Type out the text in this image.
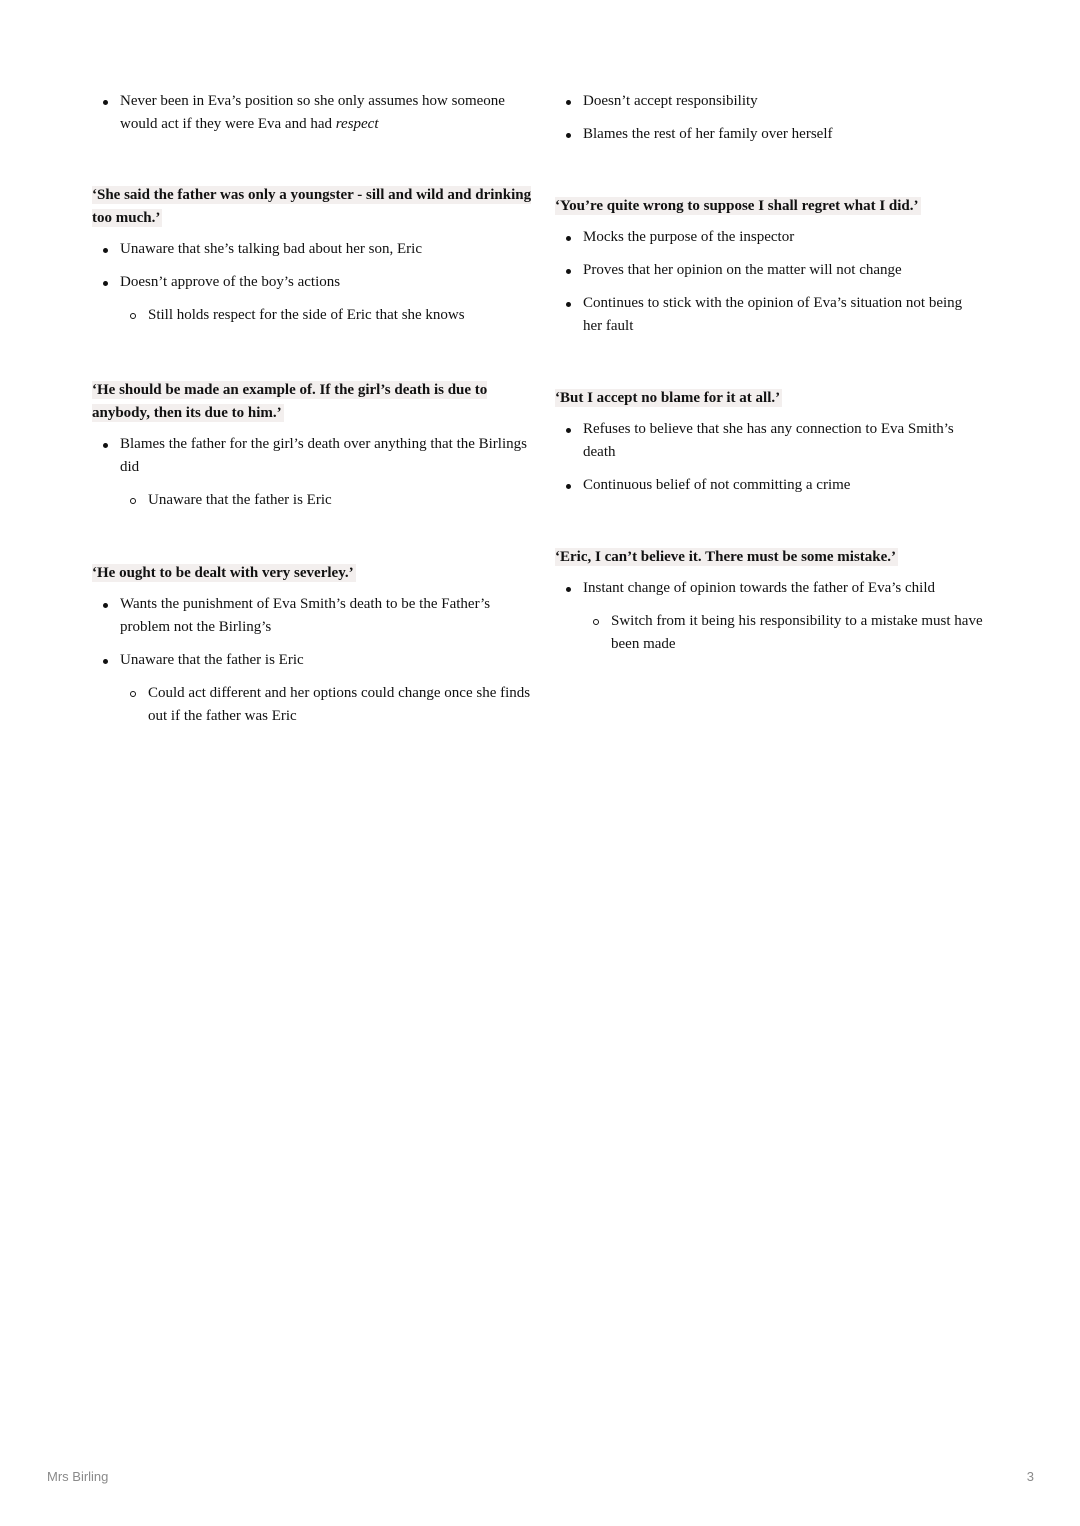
Never been in Eva’s position so she only assumes how someone would act if they were Eva and had respect

‘She said the father was only a youngster - sill and wild and drinking too much.’

Unaware that she’s talking bad about her son, Eric
Doesn’t approve of the boy’s actions
Still holds respect for the side of Eric that she knows

‘He should be made an example of. If the girl’s death is due to anybody, then its due to him.’

Blames the father for the girl’s death over anything that the Birlings did
Unaware that the father is Eric

‘He ought to be dealt with very severley.’

Wants the punishment of Eva Smith’s death to be the Father’s problem not the Birling’s
Unaware that the father is Eric
Could act different and her options could change once she finds out if the father was Eric
Doesn’t accept responsibility
Blames the rest of her family over herself

‘You’re quite wrong to suppose I shall regret what I did.’

Mocks the purpose of the inspector
Proves that her opinion on the matter will not change
Continues to stick with the opinion of Eva’s situation not being her fault

‘But I accept no blame for it at all.’

Refuses to believe that she has any connection to Eva Smith’s death
Continuous belief of not committing a crime

‘Eric, I can’t believe it. There must be some mistake.’

Instant change of opinion towards the father of Eva’s child
Switch from it being his responsibility to a mistake must have been made
Mrs Birling	3
